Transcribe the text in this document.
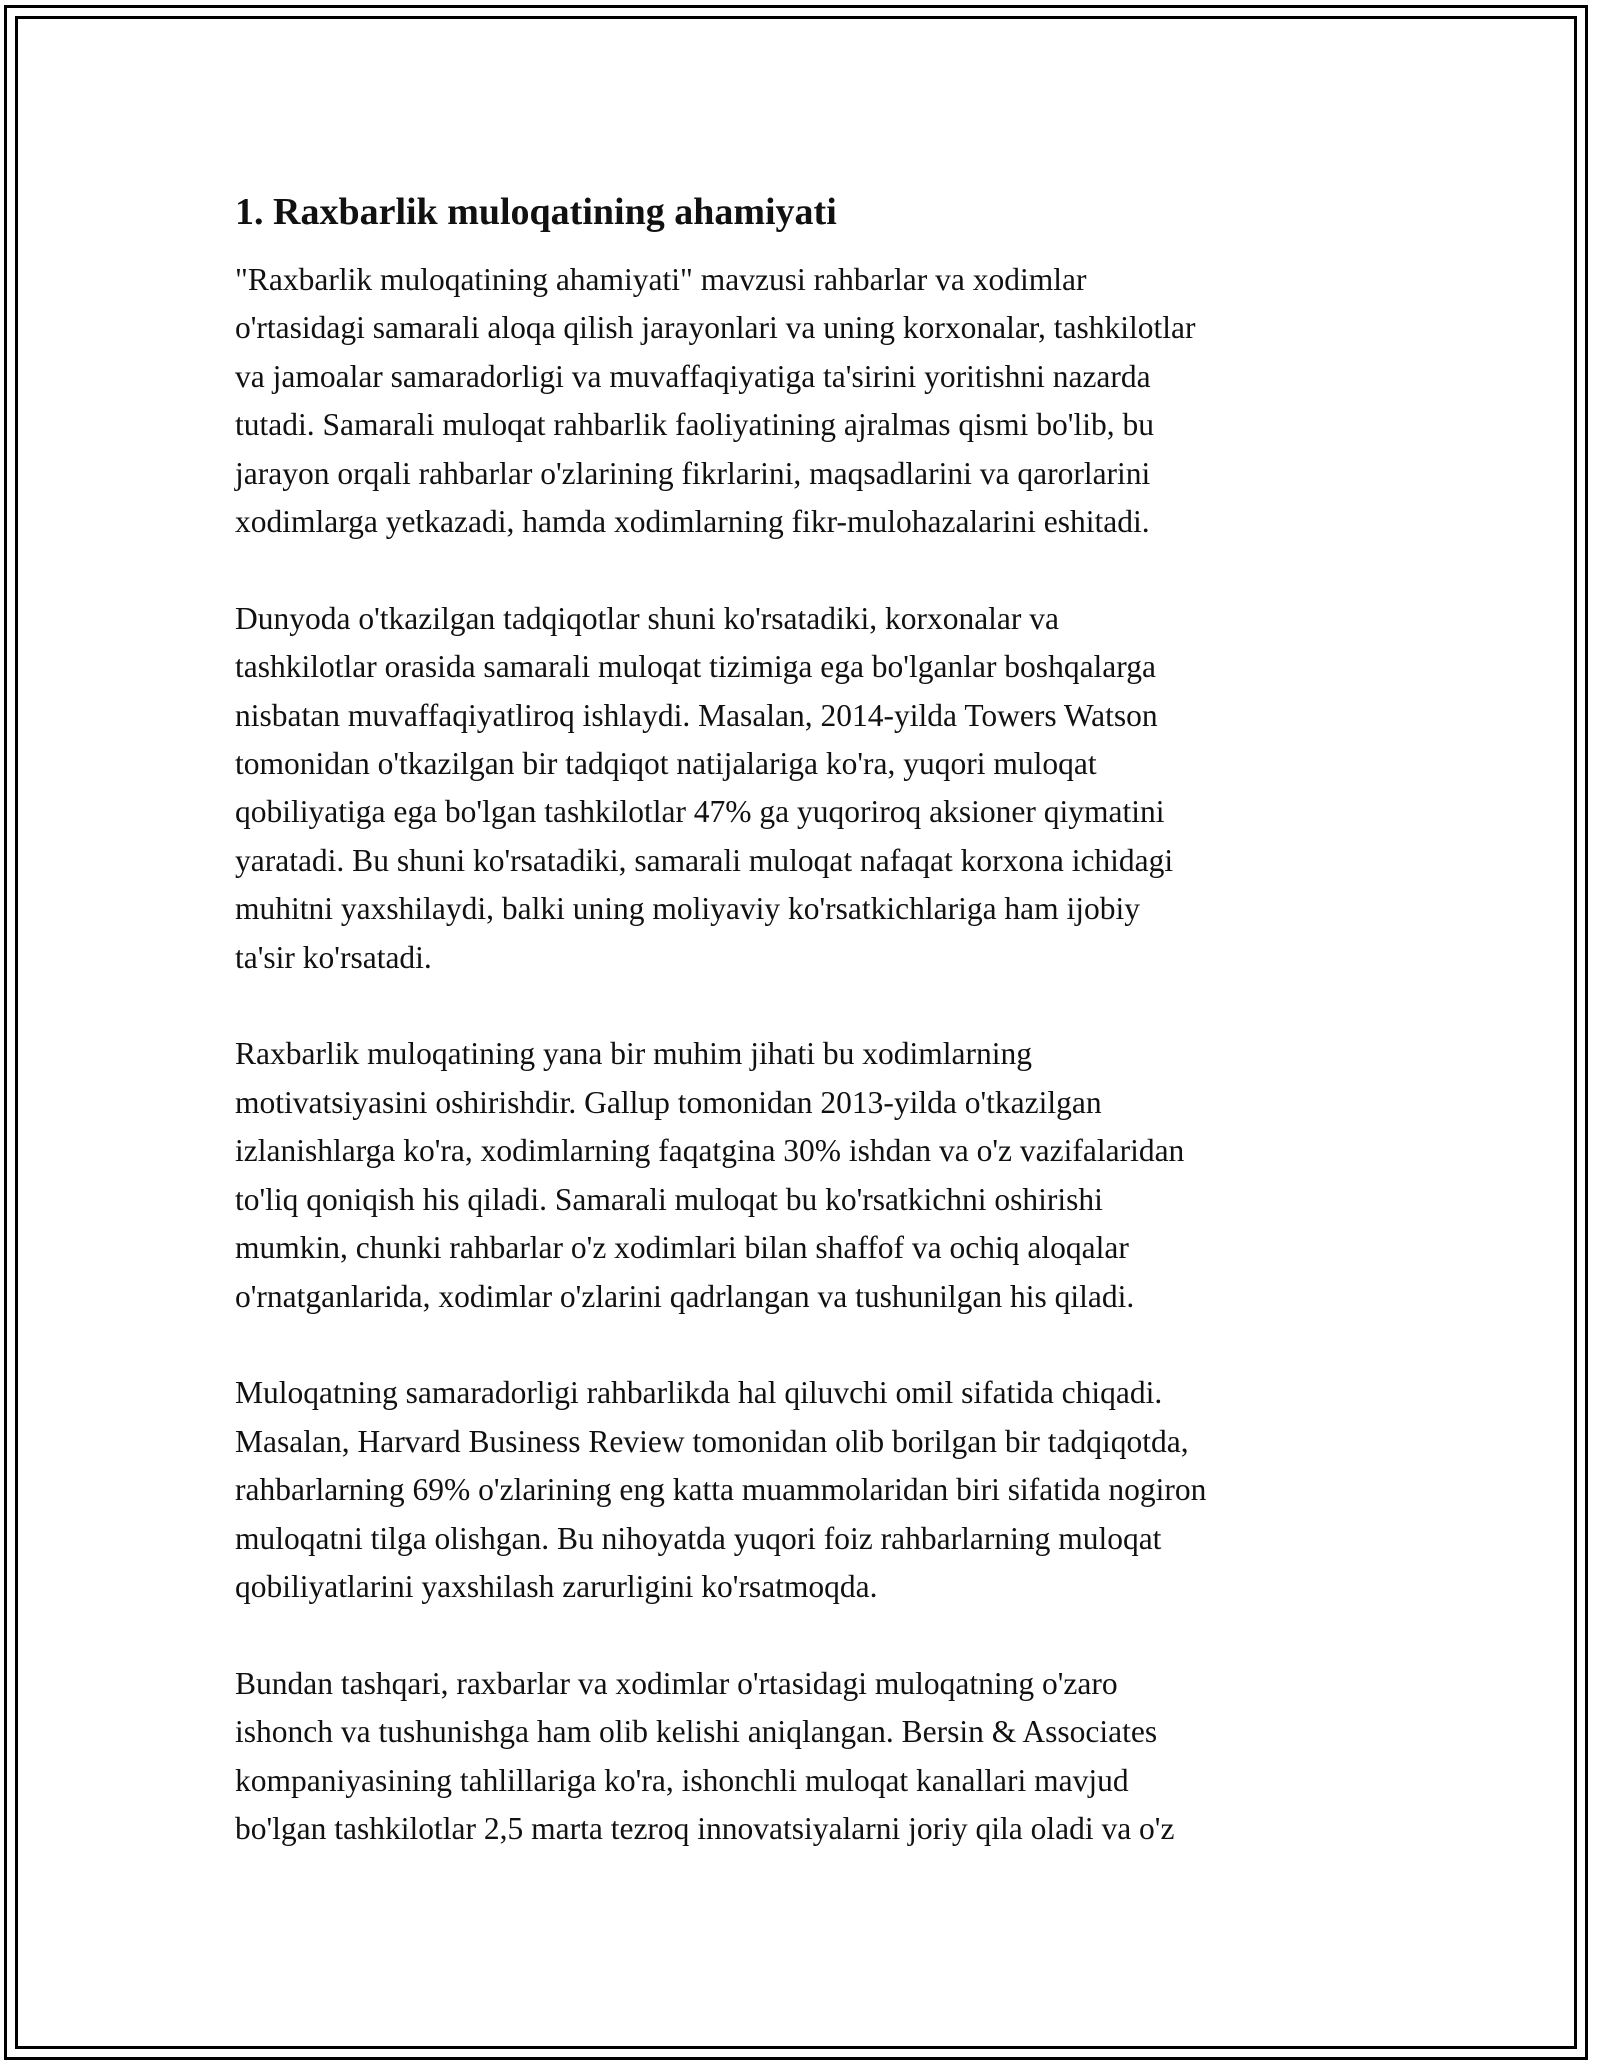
1. Raxbarlik muloqatining ahamiyati

"Raxbarlik muloqatining ahamiyati" mavzusi rahbarlar va xodimlar
o'rtasidagi samarali aloqa qilish jarayonlari va uning korxonalar, tashkilotlar
va jamoalar samaradorligi va muvaffaqiyatiga ta'sirini yoritishni nazarda
tutadi. Samarali muloqat rahbarlik faoliyatining ajralmas qismi bo'lib, bu
jarayon orqali rahbarlar o'zlarining fikrlarini, maqsadlarini va qarorlarini
xodimlarga yetkazadi, hamda xodimlarning fikr-mulohazalarini eshitadi.

Dunyoda o'tkazilgan tadqiqotlar shuni ko'rsatadiki, korxonalar va
tashkilotlar orasida samarali muloqat tizimiga ega bo'lganlar boshqalarga
nisbatan muvaffaqiyatliroq ishlaydi. Masalan, 2014-yilda Towers Watson
tomonidan o'tkazilgan bir tadqiqot natijalariga ko'ra, yuqori muloqat
qobiliyatiga ega bo'lgan tashkilotlar 47% ga yuqoriroq aksioner qiymatini
yaratadi. Bu shuni ko'rsatadiki, samarali muloqat nafaqat korxona ichidagi
muhitni yaxshilaydi, balki uning moliyaviy ko'rsatkichlariga ham ijobiy
ta'sir ko'rsatadi.

Raxbarlik muloqatining yana bir muhim jihati bu xodimlarning
motivatsiyasini oshirishdir. Gallup tomonidan 2013-yilda o'tkazilgan
izlanishlarga ko'ra, xodimlarning faqatgina 30% ishdan va o'z vazifalaridan
to'liq qoniqish his qiladi. Samarali muloqat bu ko'rsatkichni oshirishi
mumkin, chunki rahbarlar o'z xodimlari bilan shaffof va ochiq aloqalar
o'rnatganlarida, xodimlar o'zlarini qadrlangan va tushunilgan his qiladi.

Muloqatning samaradorligi rahbarlikda hal qiluvchi omil sifatida chiqadi.
Masalan, Harvard Business Review tomonidan olib borilgan bir tadqiqotda,
rahbarlarning 69% o'zlarining eng katta muammolaridan biri sifatida nogiron
muloqatni tilga olishgan. Bu nihoyatda yuqori foiz rahbarlarning muloqat
qobiliyatlarini yaxshilash zarurligini ko'rsatmoqda.

Bundan tashqari, raxbarlar va xodimlar o'rtasidagi muloqatning o'zaro
ishonch va tushunishga ham olib kelishi aniqlangan. Bersin & Associates
kompaniyasining tahlillariga ko'ra, ishonchli muloqat kanallari mavjud
bo'lgan tashkilotlar 2,5 marta tezroq innovatsiyalarni joriy qila oladi va o'z
